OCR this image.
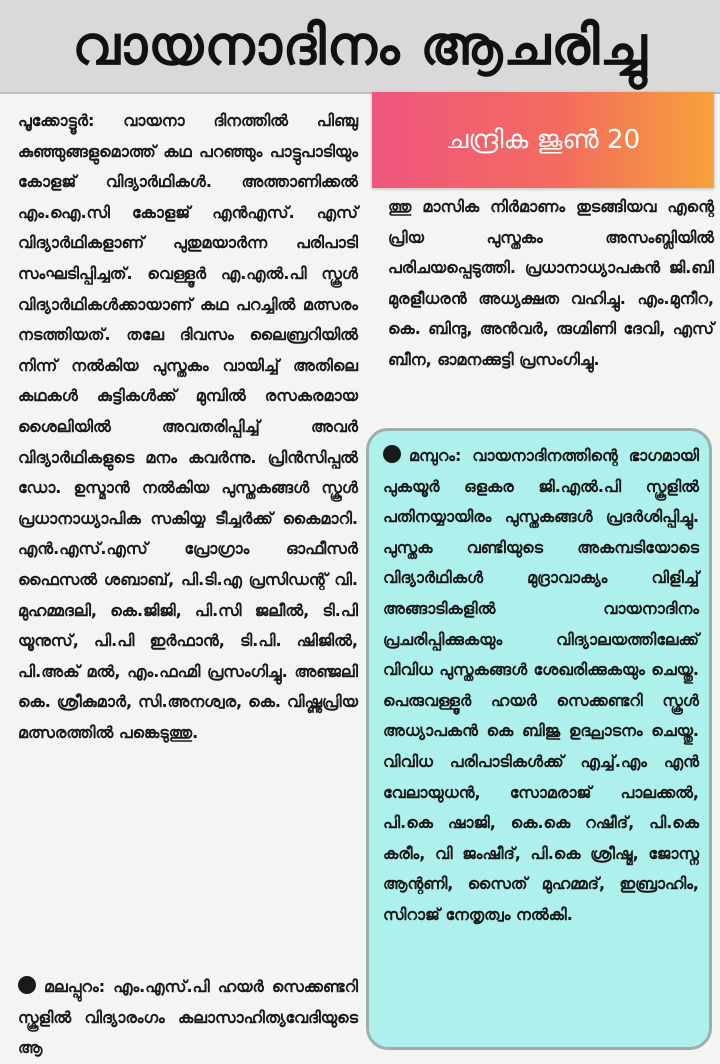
വായനാദിനം ആചരിച്ചു
ചന്ദ്രിക ജൂൺ 20

പൂക്കോട്ടൂർ: വായനാ ദിനത്തിൽ പിഞ്ചു കുഞ്ഞുങ്ങളുമൊത്ത് കഥ പറഞ്ഞും പാട്ടുപാടിയും കോളജ് വിദ്യാർഥികൾ. അത്താണിക്കൽ എം.ഐ.സി കോളജ് എൻഎസ്. എസ് വിദ്യാർഥികളാണ് പുതുമയാർന്ന പരിപാടി സംഘടിപ്പിച്ചത്. വെള്ളൂർ എ.എൽ.പി സ്കൂൾ വിദ്യാർഥികൾക്കായാണ് കഥ പറച്ചിൽ മത്സരം നടത്തിയത്. തലേ ദിവസം ലൈബ്രറിയിൽ നിന്ന് നൽകിയ പുസ്തകം വായിച്ച് അതിലെ കഥകൾ കുട്ടികൾക്ക് മുമ്പിൽ രസകരമായ ശൈലിയിൽ അവതരിപ്പിച്ച് അവർ വിദ്യാർഥികളുടെ മനം കവർന്നു. പ്രിൻസിപ്പൽ ഡോ. ഉസ്മാൻ നൽകിയ പുസ്തകങ്ങൾ സ്കൂൾ പ്രധാനാധ്യാപിക സകിയ്യ ടീച്ചർക്ക് കൈമാറി. എൻ.എസ്.എസ് പ്രോഗ്രാം ഓഫീസർ ഫൈസൽ ശബാബ്, പി.ടി.എ പ്രസിഡന്റ് വി. മുഹമ്മദലി, കെ.ജിജി, പി.സി ജലീൽ, ടി.പി യൂനുസ്, പി.പി ഇർഫാൻ, ടി.പി. ഷിജിൽ, പി.അക് മൽ, എം.ഫഹ്മി പ്രസംഗിച്ചു. അഞ്ജലി കെ. ശ്രീകുമാർ, സി.അനശ്വര, കെ. വിഷ്ണുപ്രിയ മത്സരത്തിൽ പങ്കെടുത്തു.

മലപ്പുറം: എം.എസ്.പി ഹയർ സെക്കണ്ടറി സ്കൂളിൽ വിദ്യാരംഗം കലാസാഹിത്യവേദിയുടെ ആ

ത്തു മാസിക നിർമാണം തുടങ്ങിയവ എന്റെ പ്രിയ പുസ്തകം അസംബ്ലിയിൽ പരിചയപ്പെടുത്തി. പ്രധാനാധ്യാപകൻ ജി.ബി മുരളീധരൻ അധ്യക്ഷത വഹിച്ചു. എം.മുനീറ, കെ. ബിന്ദു, അൻവർ, രുഗ്മിണി ദേവി, എസ് ബീന, ഓമനക്കുട്ടി പ്രസംഗിച്ചു.

മമ്പുറം: വായനാദിനത്തിന്റെ ഭാഗമായി പുകയൂർ ഒളകര ജി.എൽ.പി സ്കൂളിൽ പതിനയ്യായിരം പുസ്തകങ്ങൾ പ്രദർശിപ്പിച്ചു. പുസ്തക വണ്ടിയുടെ അകമ്പടിയോടെ വിദ്യാർഥികൾ മുദ്രാവാക്യം വിളിച്ച് അങ്ങാടികളിൽ വായനാദിനം പ്രചരിപ്പിക്കുകയും വിദ്യാലയത്തിലേക്ക് വിവിധ പുസ്തകങ്ങൾ ശേഖരിക്കുകയും ചെയ്തു. പെരുവള്ളൂർ ഹയർ സെക്കണ്ടറി സ്കൂൾ അധ്യാപകൻ കെ ബിജു ഉദ്ഘാടനം ചെയ്തു. വിവിധ പരിപാടികൾക്ക് എച്ച്.എം എൻ വേലായുധൻ, സോമരാജ് പാലക്കൽ, പി.കെ ഷാജി, കെ.കെ റഷീദ്, പി.കെ കരീം, വി ജംഷീദ്, പി.കെ ശ്രീഷ്മ, ജോസ്ന ആന്റണി, സൈത് മുഹമ്മദ്, ഇബ്രാഹിം, സിറാജ് നേതൃത്വം നൽകി.
